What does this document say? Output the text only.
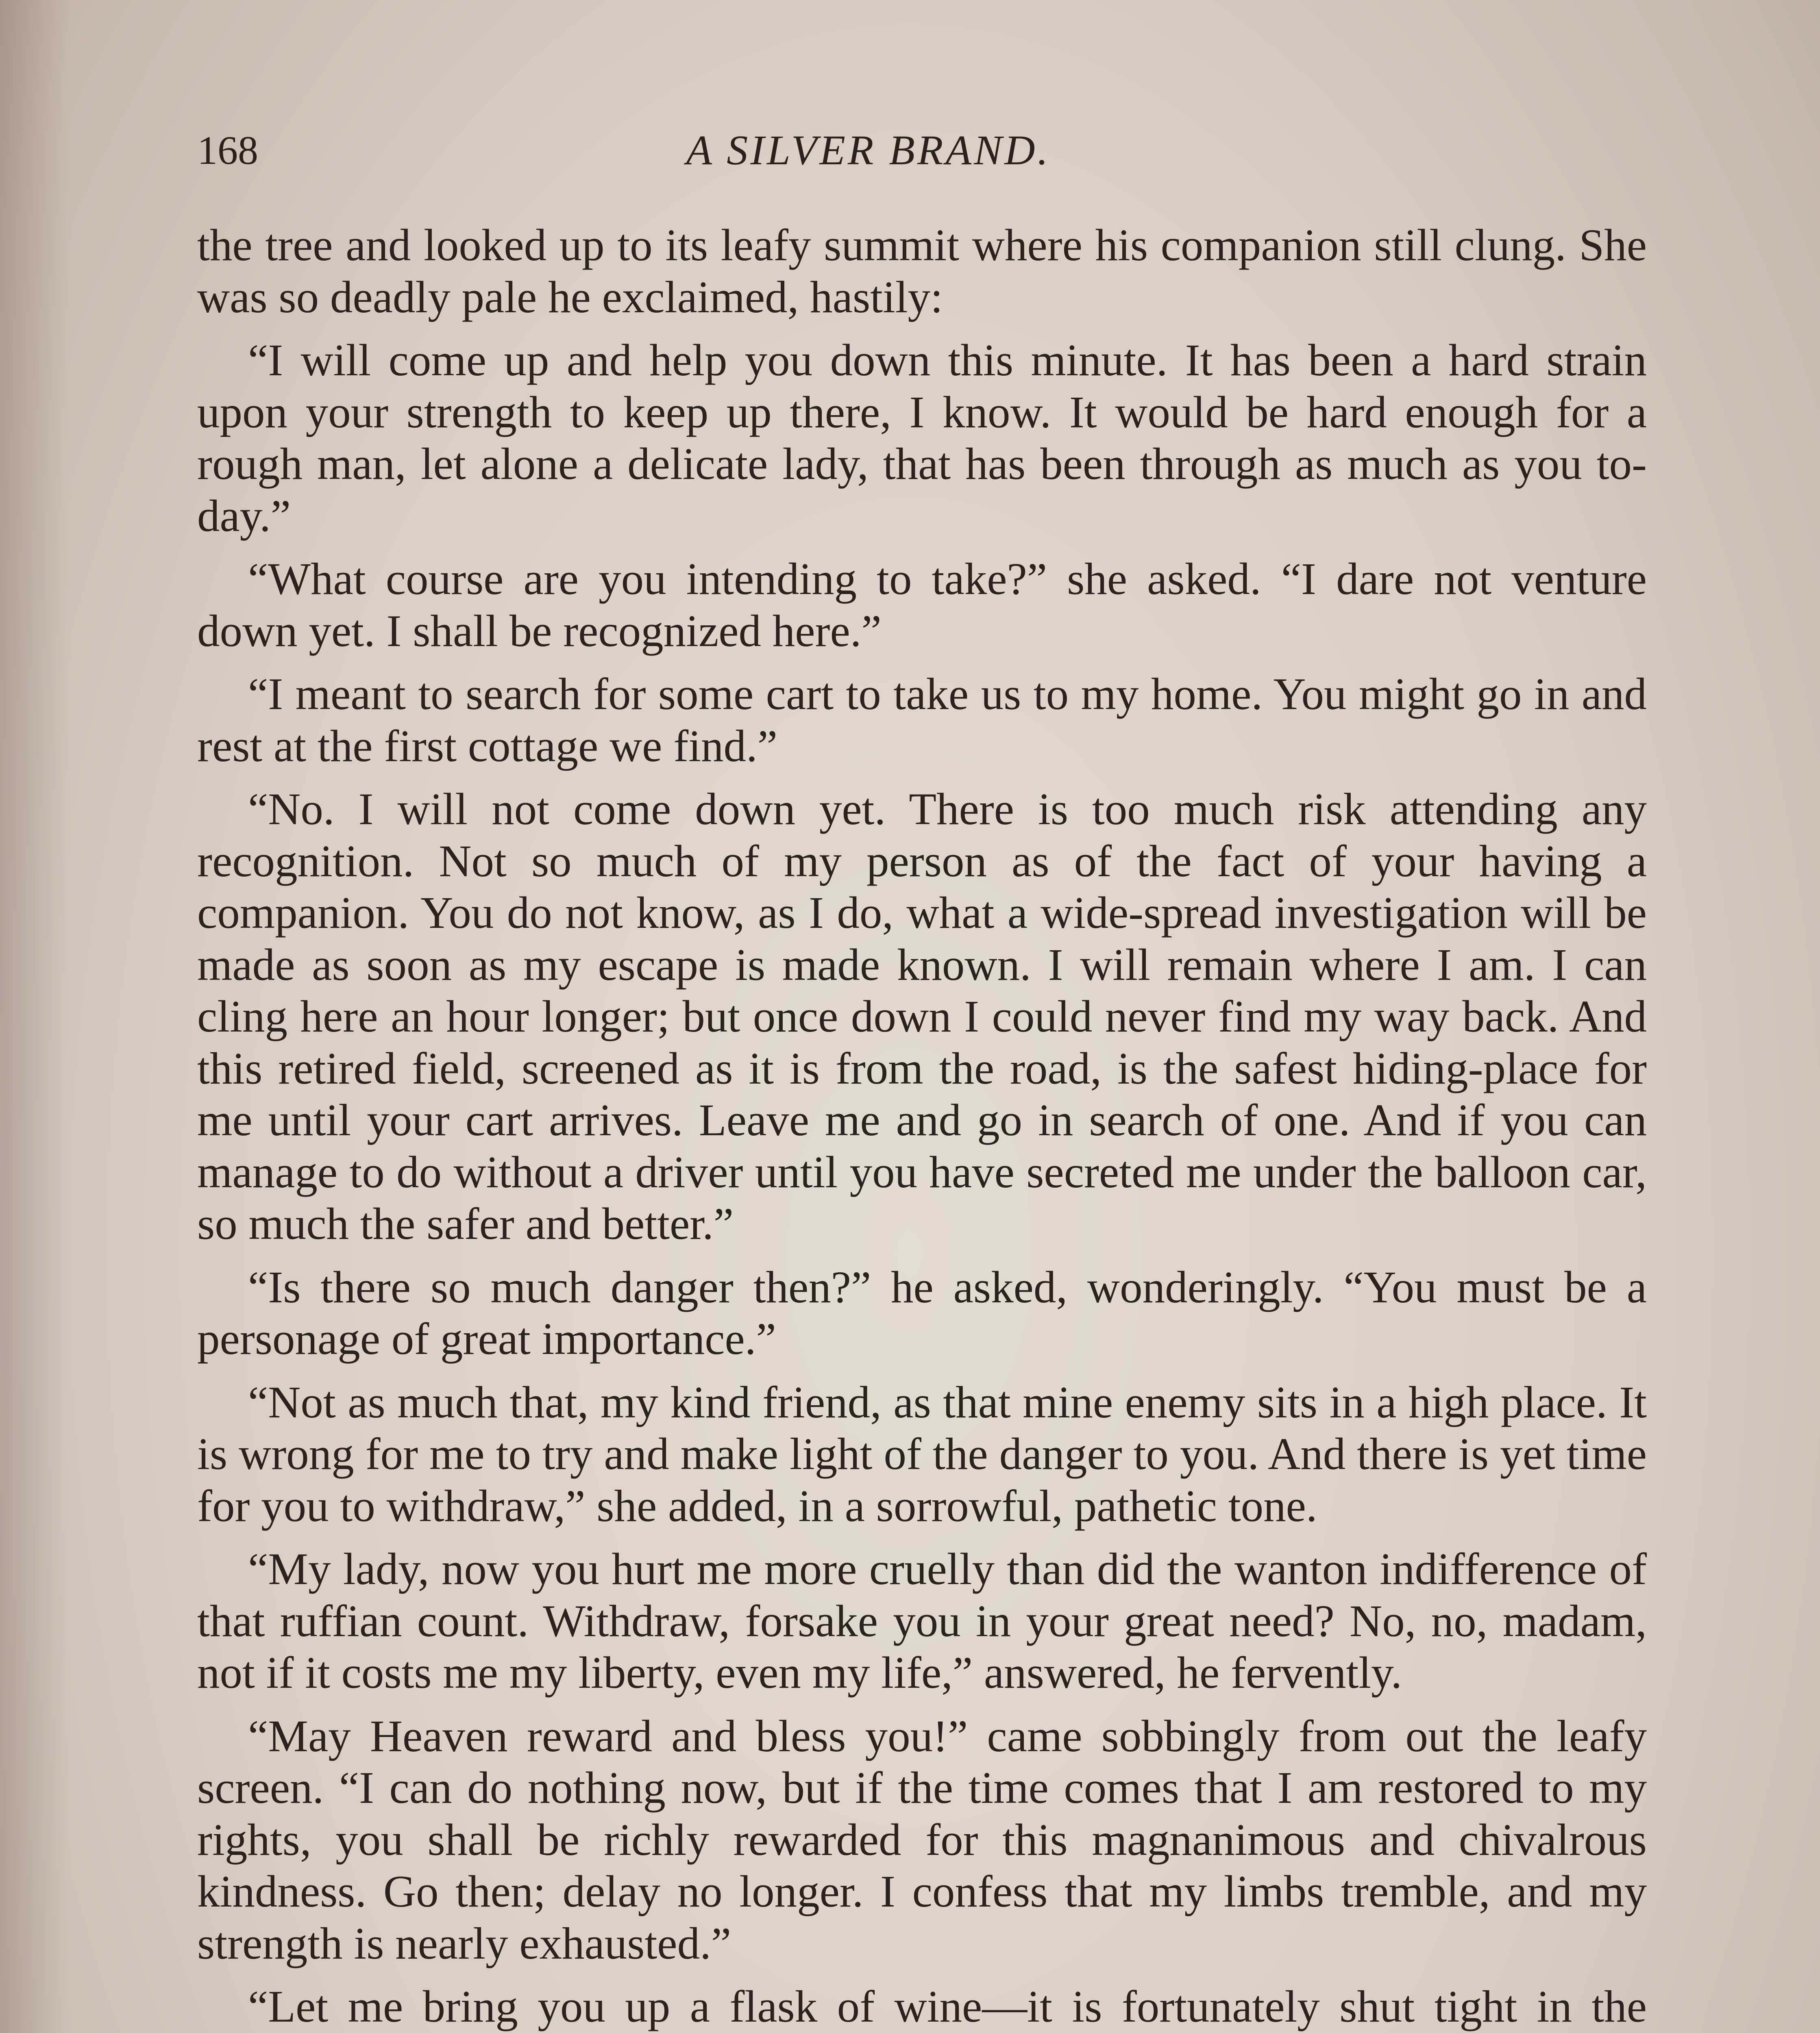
168	A SILVER BRAND.

the tree and looked up to its leafy summit where his companion still clung. She was so deadly pale he exclaimed, hastily:

“I will come up and help you down this minute. It has been a hard strain upon your strength to keep up there, I know. It would be hard enough for a rough man, let alone a delicate lady, that has been through as much as you to-day.”

“What course are you intending to take?” she asked. “I dare not venture down yet. I shall be recognized here.”

“I meant to search for some cart to take us to my home. You might go in and rest at the first cottage we find.”

“No. I will not come down yet. There is too much risk attending any recognition. Not so much of my person as of the fact of your having a companion. You do not know, as I do, what a wide-spread investigation will be made as soon as my escape is made known. I will remain where I am. I can cling here an hour longer; but once down I could never find my way back. And this retired field, screened as it is from the road, is the safest hiding-place for me until your cart arrives. Leave me and go in search of one. And if you can manage to do without a driver until you have secreted me under the balloon car, so much the safer and better.”

“Is there so much danger then?” he asked, wonderingly. “You must be a personage of great importance.”

“Not as much that, my kind friend, as that mine enemy sits in a high place. It is wrong for me to try and make light of the danger to you. And there is yet time for you to withdraw,” she added, in a sorrowful, pathetic tone.

“My lady, now you hurt me more cruelly than did the wanton indifference of that ruffian count. Withdraw, forsake you in your great need? No, no, madam, not if it costs me my liberty, even my life,” answered, he fervently.

“May Heaven reward and bless you!” came sobbingly from out the leafy screen. “I can do nothing now, but if the time comes that I am restored to my rights, you shall be richly rewarded for this magnanimous and chivalrous kindness. Go then; delay no longer. I confess that my limbs tremble, and my strength is nearly exhausted.”

“Let me bring you up a flask of wine—it is fortunately shut tight in the
